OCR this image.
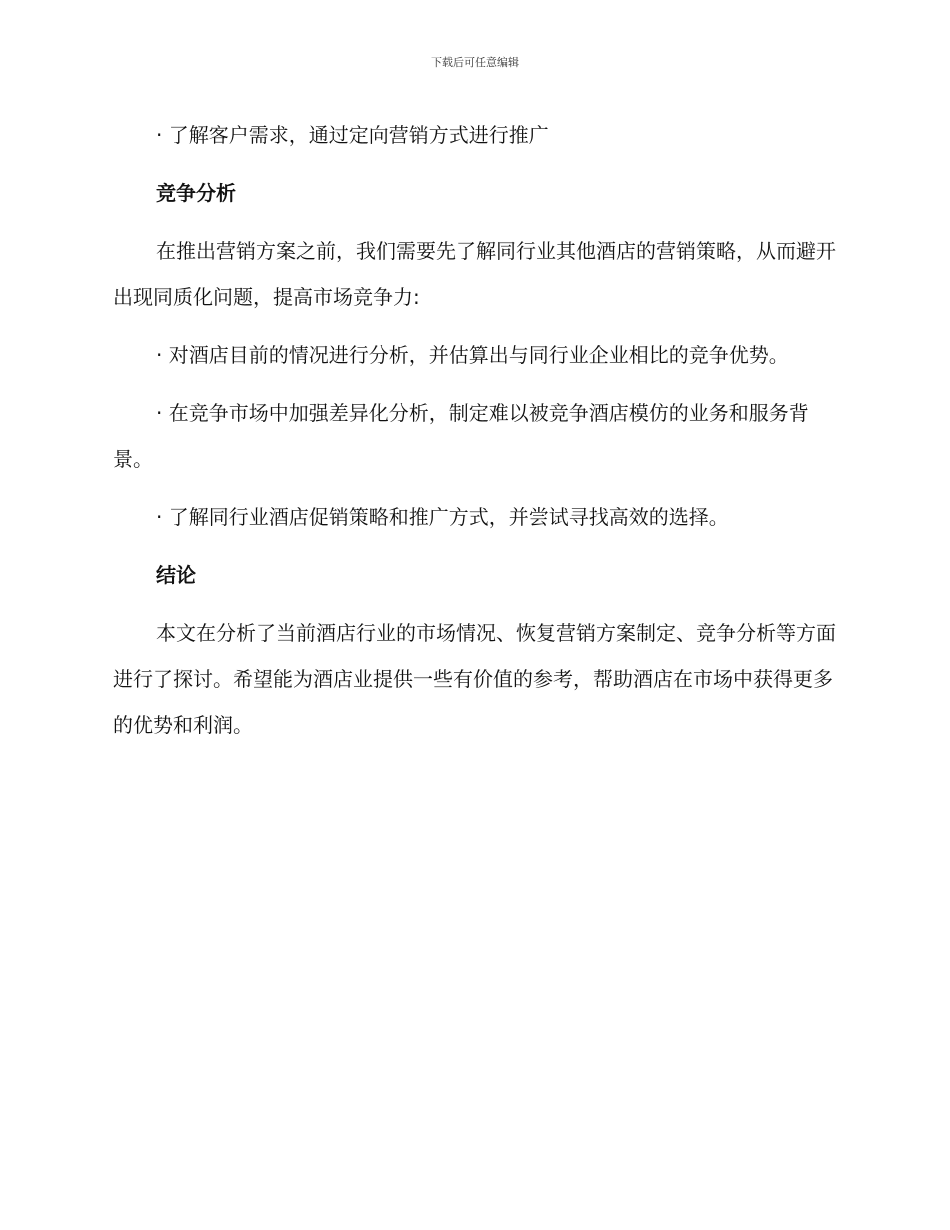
下载后可任意编辑

· 了解客户需求，通过定向营销方式进行推广

竞争分析

在推出营销方案之前，我们需要先了解同行业其他酒店的营销策略，从而避开出现同质化问题，提高市场竞争力:

· 对酒店目前的情况进行分析，并估算出与同行业企业相比的竞争优势。

· 在竞争市场中加强差异化分析，制定难以被竞争酒店模仿的业务和服务背景。

· 了解同行业酒店促销策略和推广方式，并尝试寻找高效的选择。

结论

本文在分析了当前酒店行业的市场情况、恢复营销方案制定、竞争分析等方面进行了探讨。希望能为酒店业提供一些有价值的参考，帮助酒店在市场中获得更多的优势和利润。
